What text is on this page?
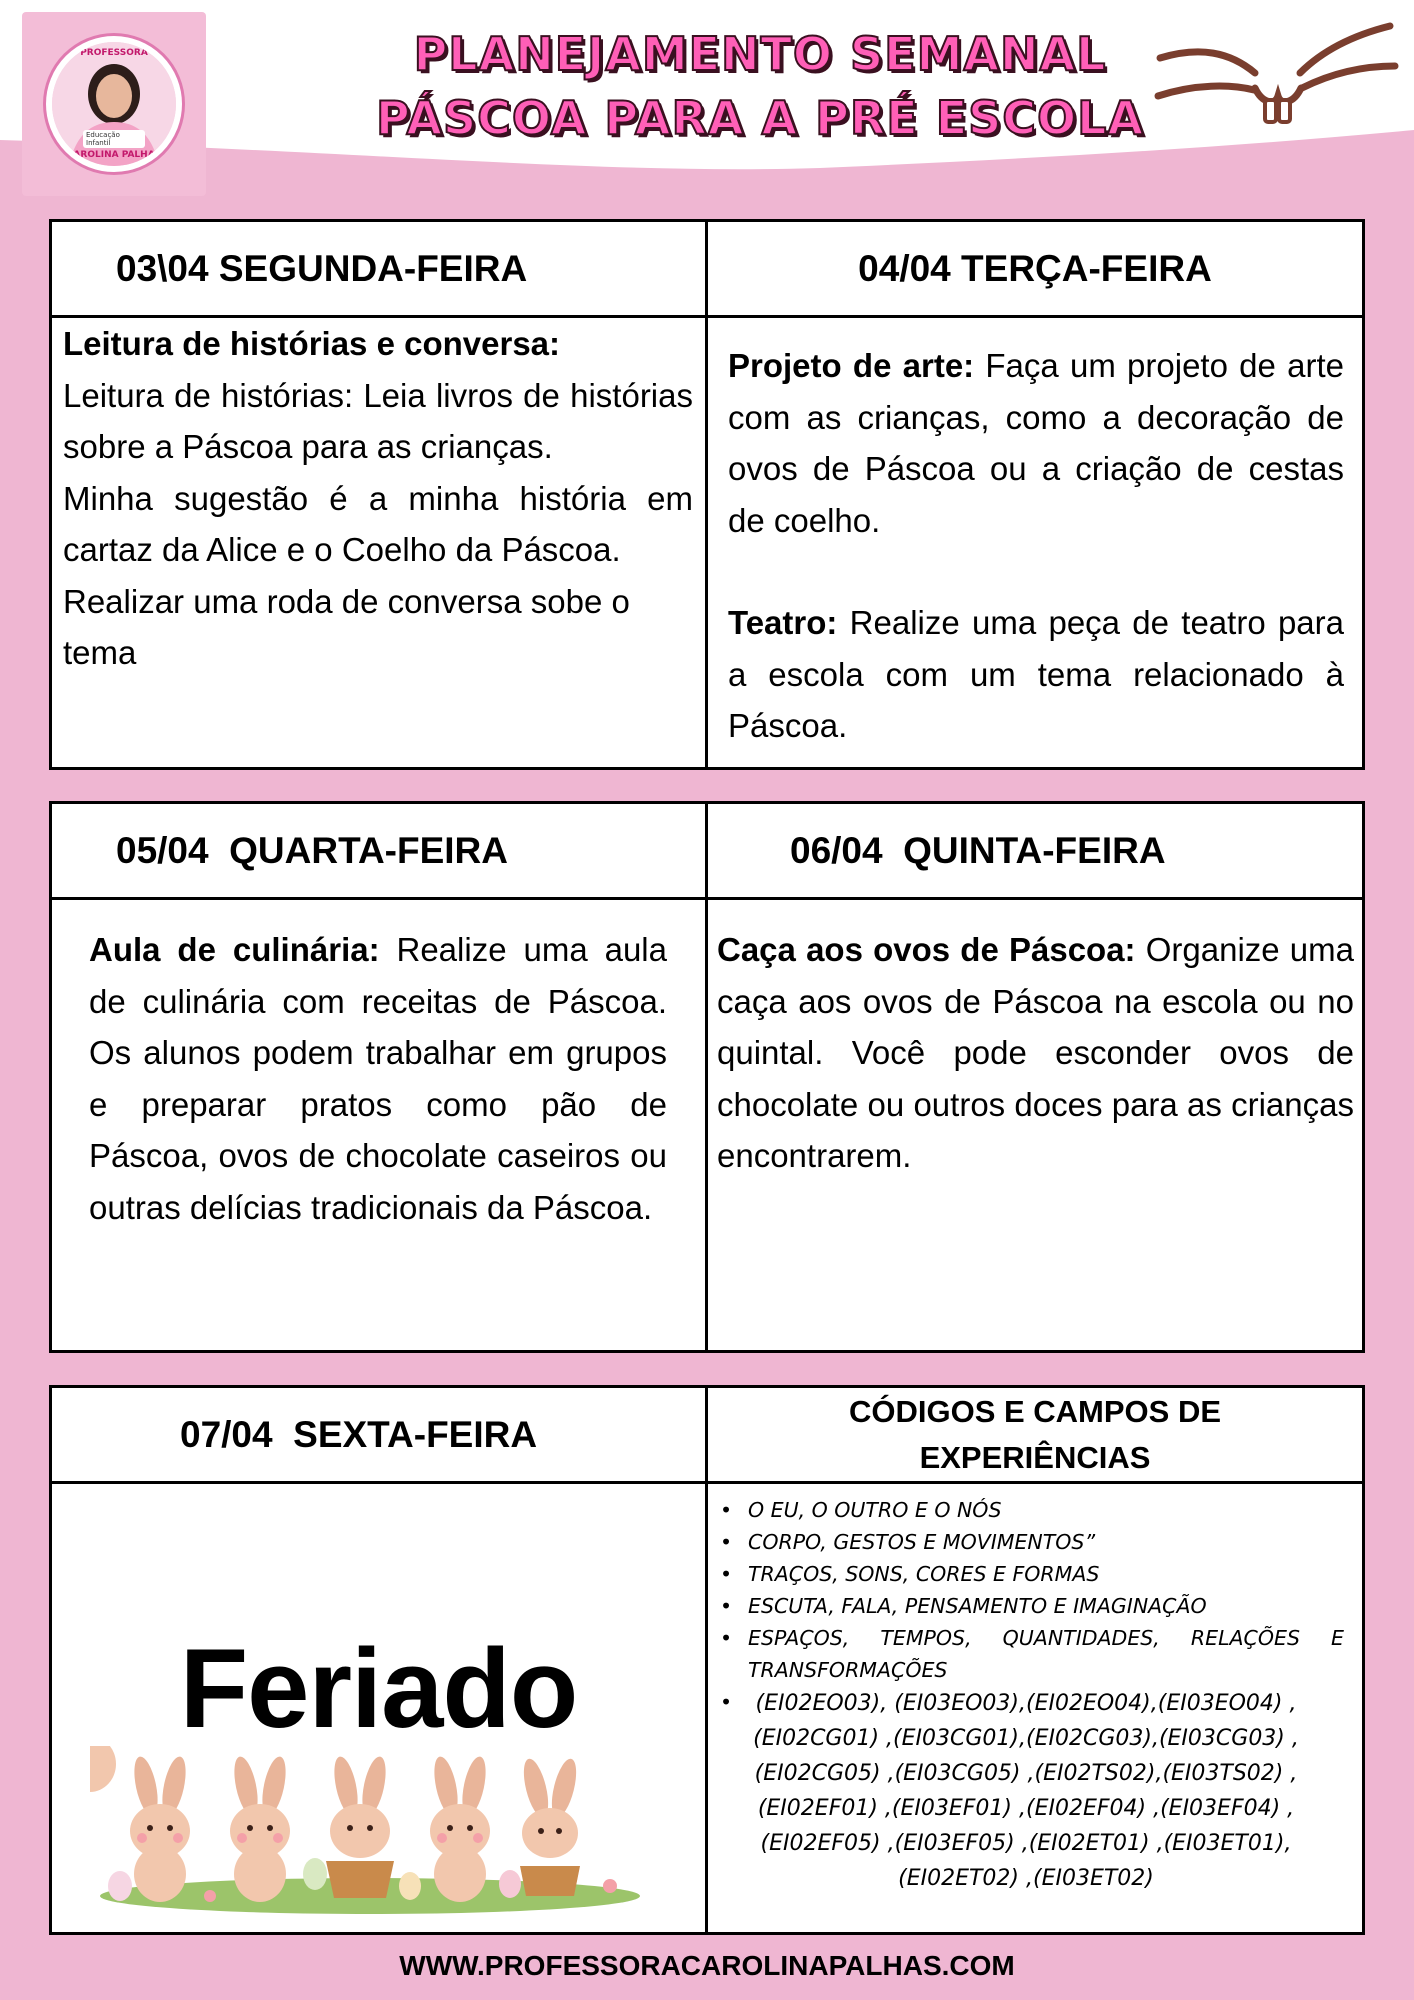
PROFESSORA
Educação Infantil
CAROLINA PALHAS
PLANEJAMENTO SEMANAL
PÁSCOA PARA A PRÉ ESCOLA
03\04 SEGUNDA-FEIRA	04/04 TERÇA-FEIRA
Leitura de histórias e conversa:
Leitura de histórias: Leia livros de histórias sobre a Páscoa para as crianças.
Minha sugestão é a minha história em cartaz da Alice e o Coelho da Páscoa.
Realizar uma roda de conversa sobe o tema
Projeto de arte: Faça um projeto de arte com as crianças, como a decoração de ovos de Páscoa ou a criação de cestas de coelho.
Teatro: Realize uma peça de teatro para a escola com um tema relacionado à Páscoa.
05/04  QUARTA-FEIRA	06/04  QUINTA-FEIRA
Aula de culinária: Realize uma aula de culinária com receitas de Páscoa. Os alunos podem trabalhar em grupos e preparar pratos como pão de Páscoa, ovos de chocolate caseiros ou outras delícias tradicionais da Páscoa.
Caça aos ovos de Páscoa: Organize uma caça aos ovos de Páscoa na escola ou no quintal. Você pode esconder ovos de chocolate ou outros doces para as crianças encontrarem.
07/04  SEXTA-FEIRA
CÓDIGOS E CAMPOS DE EXPERIÊNCIAS
Feriado
• O EU, O OUTRO E O NÓS
• CORPO, GESTOS E MOVIMENTOS”
• TRAÇOS, SONS, CORES E FORMAS
• ESCUTA, FALA, PENSAMENTO E IMAGINAÇÃO
• ESPAÇOS, TEMPOS, QUANTIDADES, RELAÇÕES E TRANSFORMAÇÕES
(EI02EO03), (EI03EO03),(EI02EO04),(EI03EO04) ,
(EI02CG01) ,(EI03CG01),(EI02CG03),(EI03CG03) ,
(EI02CG05) ,(EI03CG05) ,(EI02TS02),(EI03TS02) ,
(EI02EF01) ,(EI03EF01) ,(EI02EF04) ,(EI03EF04) ,
(EI02EF05) ,(EI03EF05) ,(EI02ET01) ,(EI03ET01),
(EI02ET02) ,(EI03ET02)
WWW.PROFESSORACAROLINAPALHAS.COM
